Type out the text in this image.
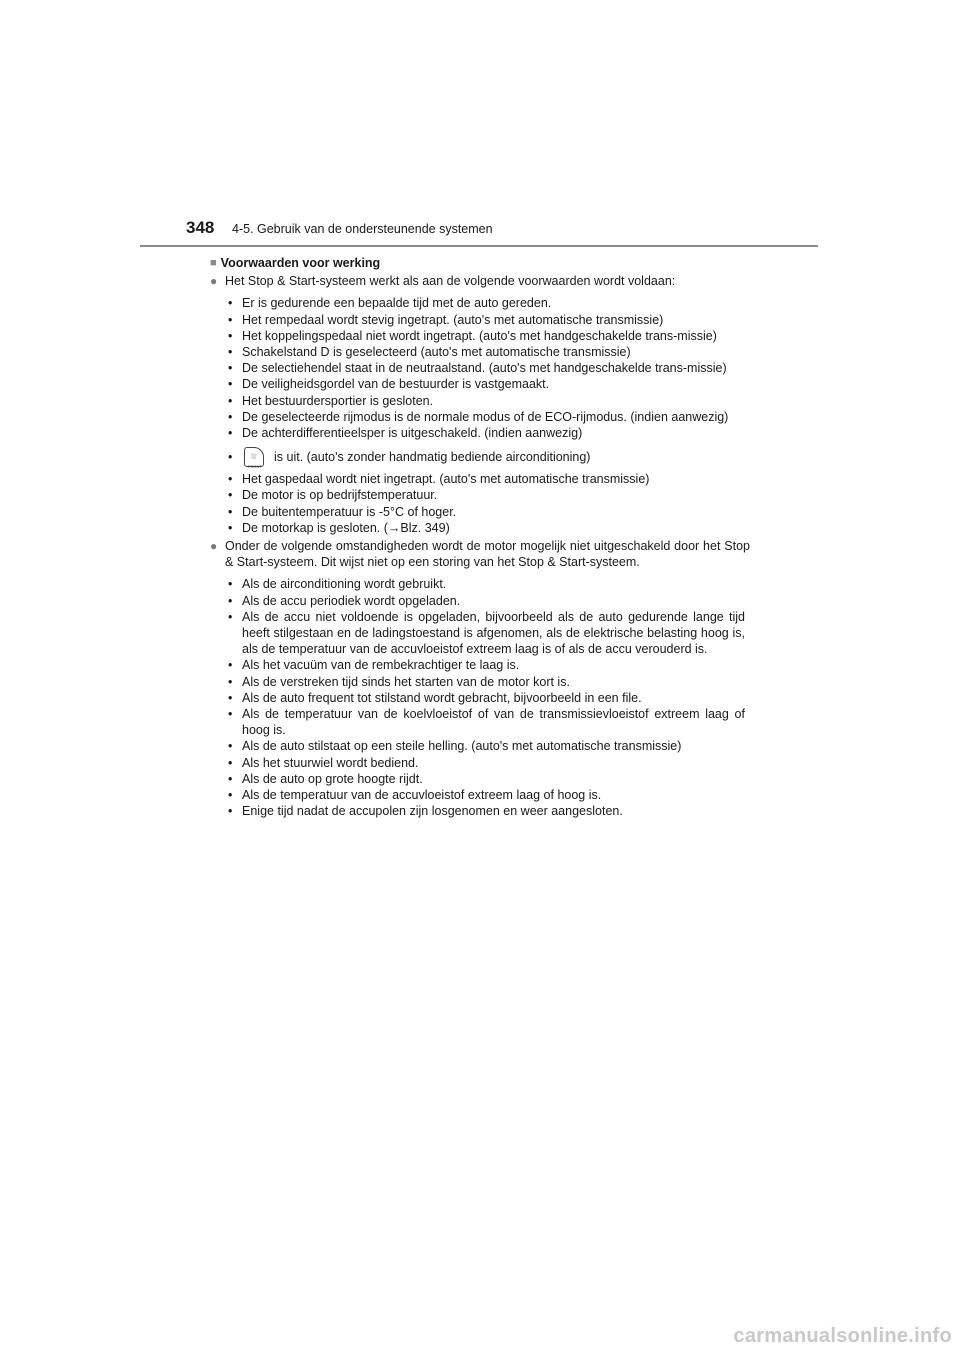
348 4-5. Gebruik van de ondersteunende systemen
■ Voorwaarden voor werking
● Het Stop & Start-systeem werkt als aan de volgende voorwaarden wordt voldaan:
• Er is gedurende een bepaalde tijd met de auto gereden.
• Het rempedaal wordt stevig ingetrapt. (auto's met automatische transmissie)
• Het koppelingspedaal niet wordt ingetrapt. (auto's met handgeschakelde trans-missie)
• Schakelstand D is geselecteerd (auto's met automatische transmissie)
• De selectiehendel staat in de neutraalstand. (auto's met handgeschakelde trans-missie)
• De veiligheidsgordel van de bestuurder is vastgemaakt.
• Het bestuurdersportier is gesloten.
• De geselecteerde rijmodus is de normale modus of de ECO-rijmodus. (indien aanwezig)
• De achterdifferentieelsper is uitgeschakeld. (indien aanwezig)
•	⛆
FRONT
is uit. (auto's zonder handmatig bediende airconditioning)
• Het gaspedaal wordt niet ingetrapt. (auto's met automatische transmissie)
• De motor is op bedrijfstemperatuur.
• De buitentemperatuur is -5°C of hoger.
• De motorkap is gesloten. (→Blz. 349)
● Onder de volgende omstandigheden wordt de motor mogelijk niet uitgeschakeld door het Stop & Start-systeem. Dit wijst niet op een storing van het Stop & Start-systeem.
• Als de airconditioning wordt gebruikt.
• Als de accu periodiek wordt opgeladen.
• Als de accu niet voldoende is opgeladen, bijvoorbeeld als de auto gedurende lange tijd heeft stilgestaan en de ladingstoestand is afgenomen, als de elektrische belasting hoog is, als de temperatuur van de accuvloeistof extreem laag is of als de accu verouderd is.
• Als het vacuüm van de rembekrachtiger te laag is.
• Als de verstreken tijd sinds het starten van de motor kort is.
• Als de auto frequent tot stilstand wordt gebracht, bijvoorbeeld in een file.
• Als de temperatuur van de koelvloeistof of van de transmissievloeistof extreem laag of hoog is.
• Als de auto stilstaat op een steile helling. (auto's met automatische transmissie)
• Als het stuurwiel wordt bediend.
• Als de auto op grote hoogte rijdt.
• Als de temperatuur van de accuvloeistof extreem laag of hoog is.
• Enige tijd nadat de accupolen zijn losgenomen en weer aangesloten.
carmanualsonline.info
